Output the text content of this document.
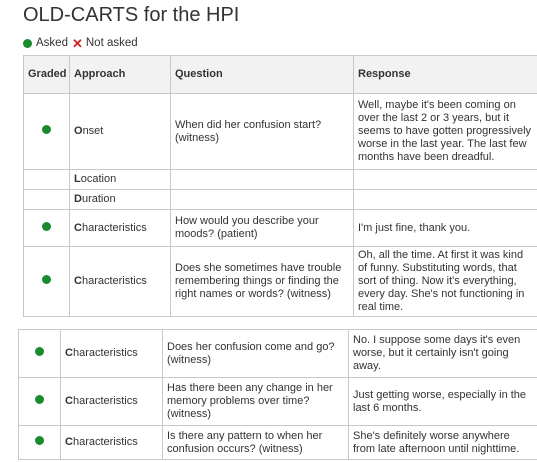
OLD-CARTS for the HPI
Asked ✕ Not asked
Graded	Approach	Question	Response
	Onset	When did her confusion start? (witness)	Well, maybe it's been coming on over the last 2 or 3 years, but it seems to have gotten progressively worse in the last year. The last few months have been dreadful.
	Location		
	Duration		
	Characteristics	How would you describe your moods? (patient)	I'm just fine, thank you.
	Characteristics	Does she sometimes have trouble remembering things or finding the right names or words? (witness)	Oh, all the time. At first it was kind of funny. Substituting words, that sort of thing. Now it's everything, every day. She's not functioning in real time.
	Characteristics	Does her confusion come and go? (witness)	No. I suppose some days it's even worse, but it certainly isn't going away.
	Characteristics	Has there been any change in her memory problems over time? (witness)	Just getting worse, especially in the last 6 months.
	Characteristics	Is there any pattern to when her confusion occurs? (witness)	She's definitely worse anywhere from late afternoon until nighttime.
